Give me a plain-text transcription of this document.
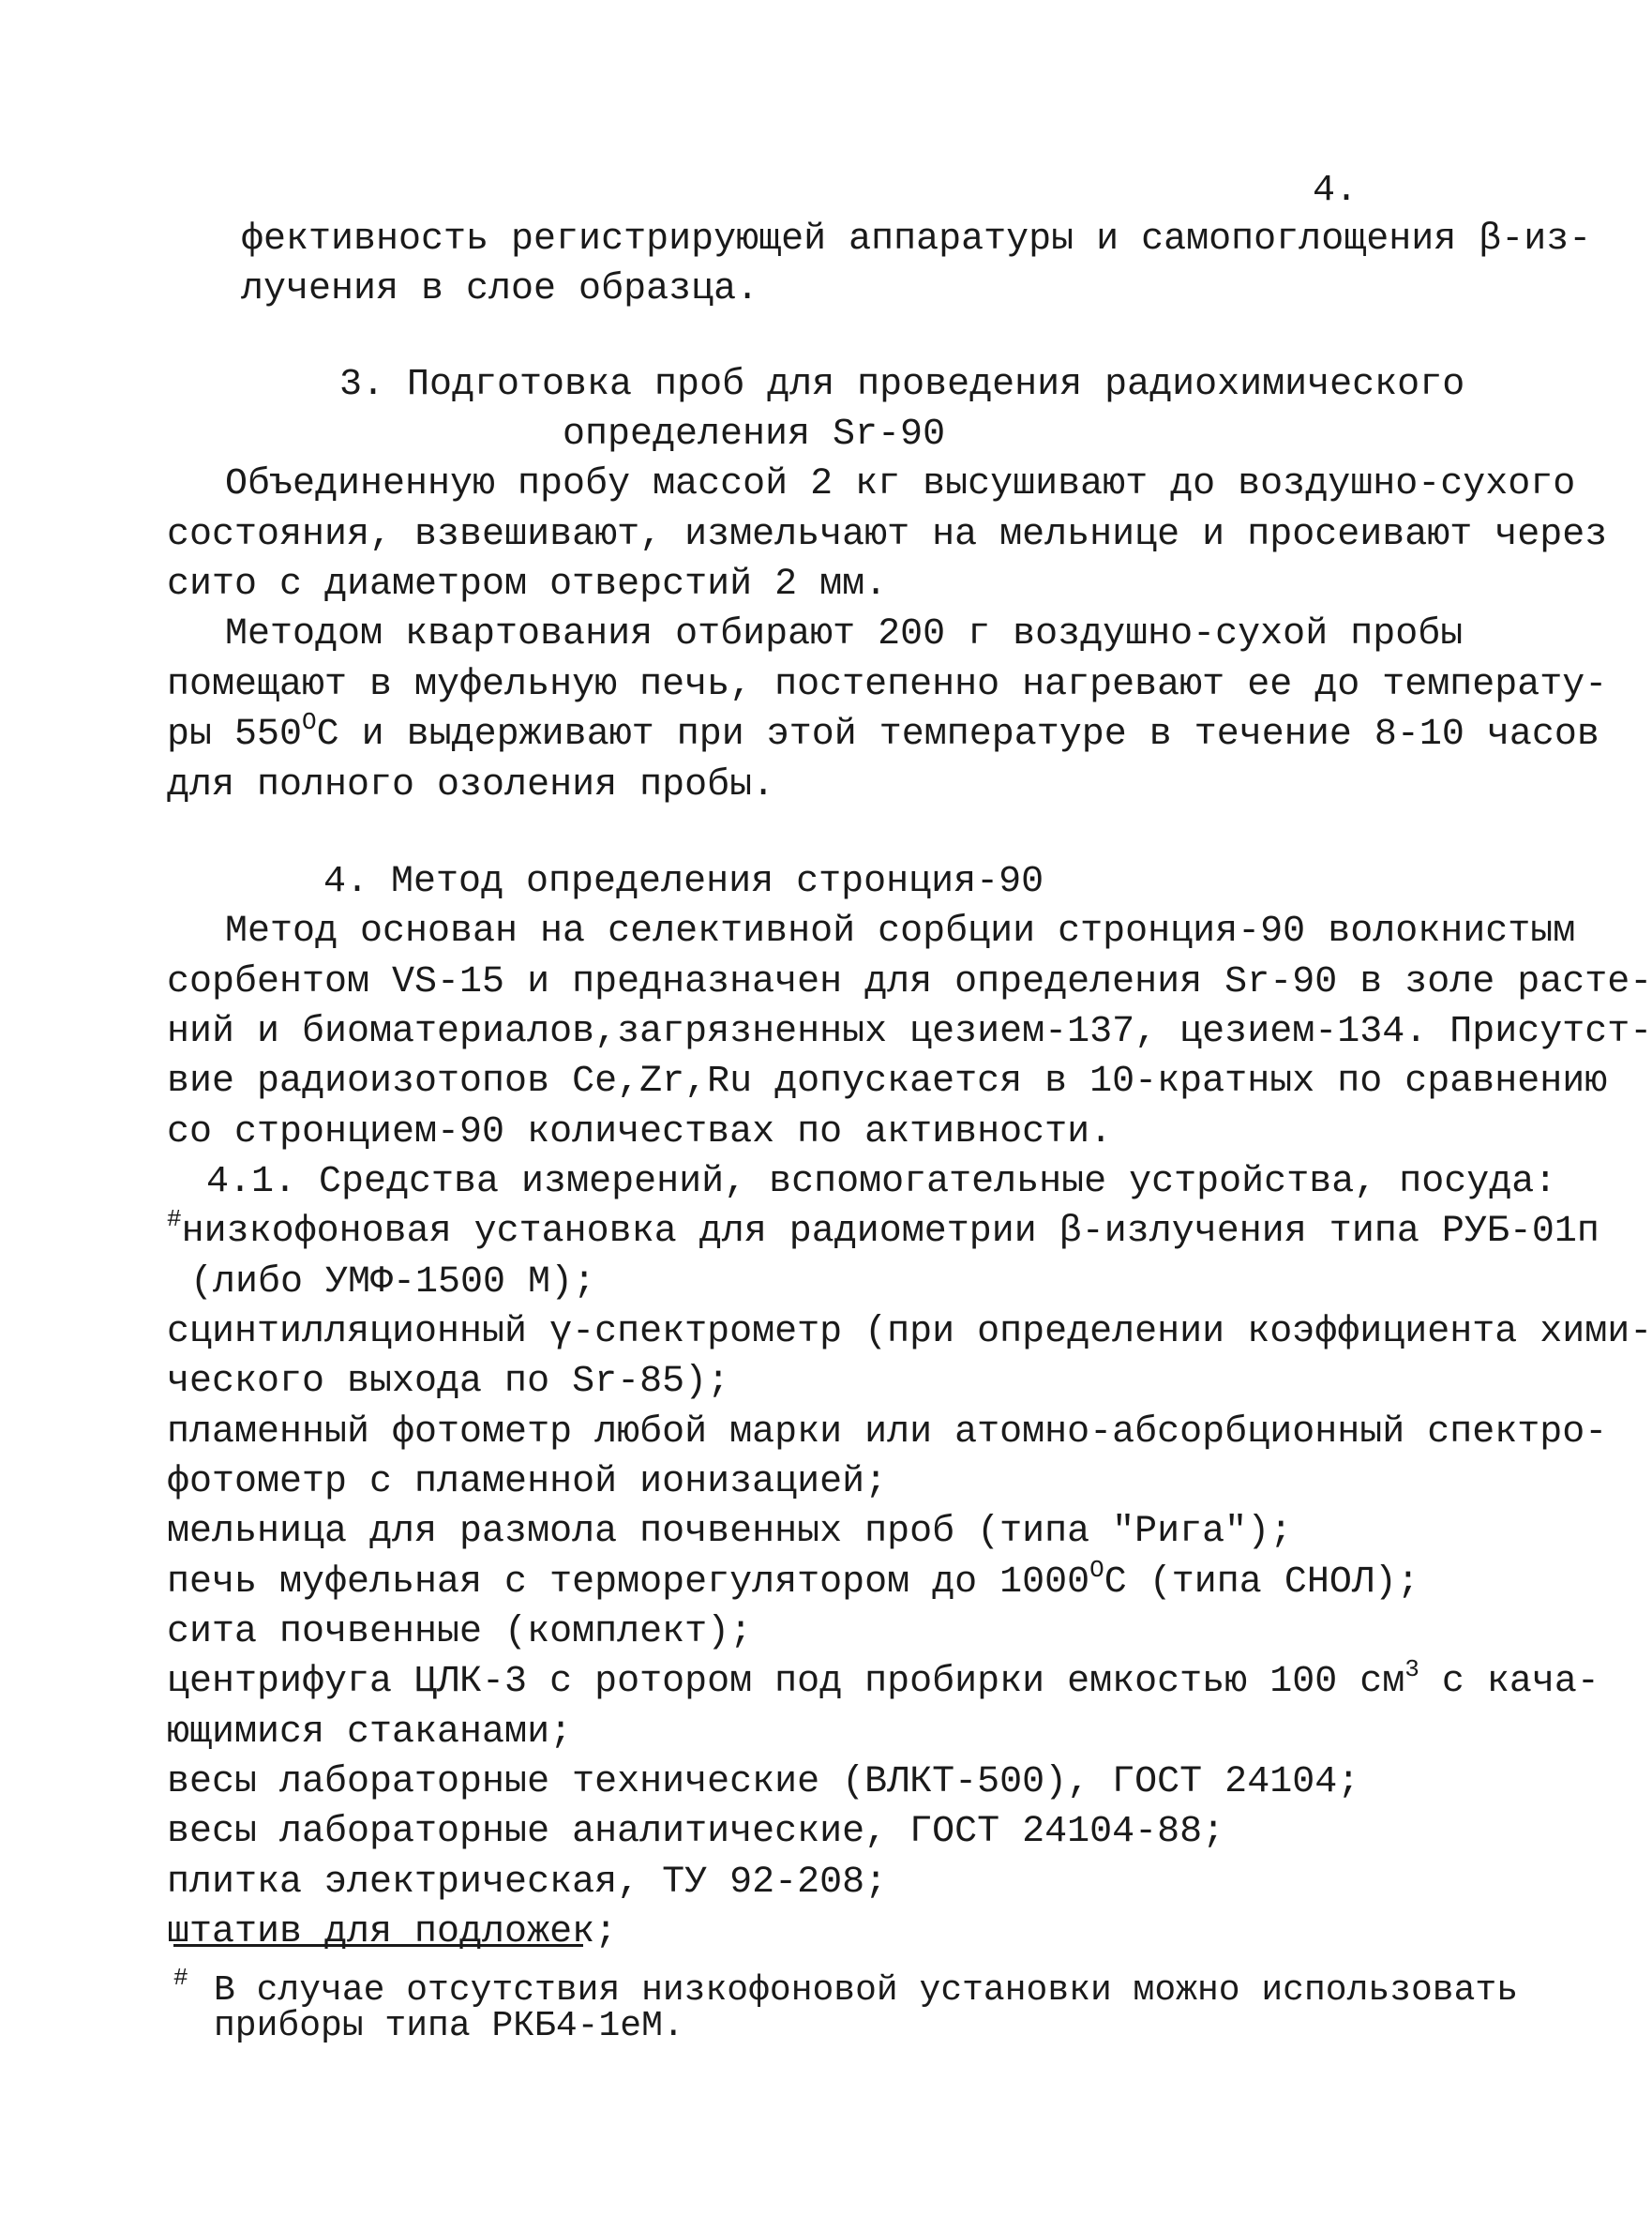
4.
фективность регистрирующей аппаратуры и самопоглощения β-из-
лучения в слое образца.
3. Подготовка проб для проведения радиохимического
определения Sr-90
Объединенную пробу массой 2 кг высушивают до воздушно-сухого
состояния, взвешивают, измельчают на мельнице и просеивают через
сито с диаметром отверстий 2 мм.
Методом квартования отбирают 200 г воздушно-сухой пробы
помещают в муфельную печь, постепенно нагревают ее до температу-
ры $550^OC$ и выдерживают при этой температуре в течение 8-10 часов
для полного озоления пробы.
4. Метод определения стронция-90
Метод основан на селективной сорбции стронция-90 волокнистым
сорбентом VS-15 и предназначен для определения Sr-90 в золе расте-
ний и биоматериалов,загрязненных цезием-137, цезием-134. Присутст-
вие радиоизотопов Ce,Zr,Ru допускается в 10-кратных по сравнению
со стронцием-90 количествах по активности.
4.1. Средства измерений, вспомогательные устройства, посуда:
#низкофоновая установка для радиометрии β-излучения типа РУБ-01п
(либо УМФ-1500 М);
сцинтилляционный γ-спектрометр (при определении коэффициента хими-
ческого выхода по Sr-85);
пламенный фотометр любой марки или атомно-абсорбционный спектро-
фотометр с пламенной ионизацией;
мельница для размола почвенных проб (типа "Рига");
печь муфельная с терморегулятором до $1000^OC$ (типа СНОЛ);
сита почвенные (комплект);
центрифуга ЦЛК-3 с ротором под пробирки емкостью 100 $см^3$ с кача-
ющимися стаканами;
весы лабораторные технические (ВЛКТ-500), ГОСТ 24104;
весы лабораторные аналитические, ГОСТ 24104-88;
плитка электрическая, ТУ 92-208;
штатив для подложек;
# В случае отсутствия низкофоновой установки можно использовать
приборы типа РКБ4-1еМ.
